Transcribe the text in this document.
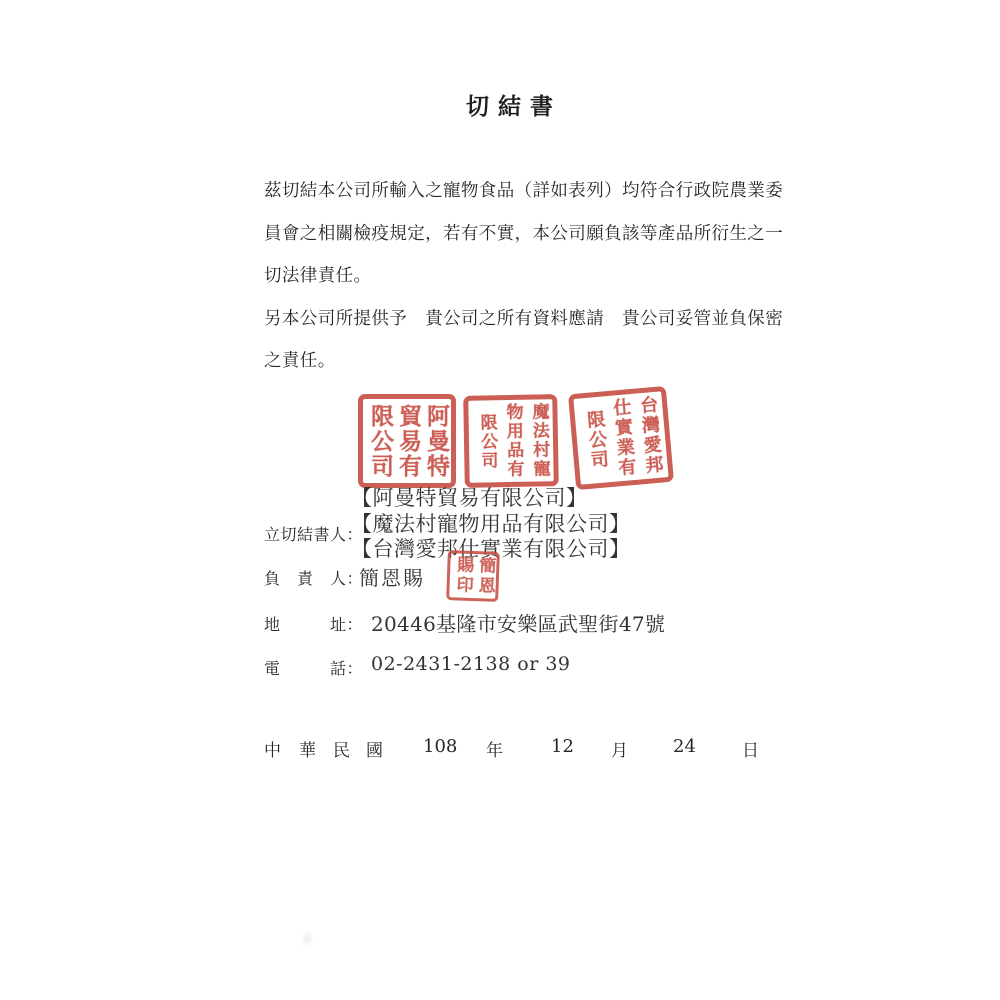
切結書

茲切結本公司所輸入之寵物食品（詳如表列）均符合行政院農業委

員會之相關檢疫規定，若有不實，本公司願負該等產品所衍生之一

切法律責任。

另本公司所提供予　貴公司之所有資料應請　貴公司妥管並負保密

之責任。

阿曼特貿易有限公司	魔法村寵物用品有限公司	台灣愛邦仕實業有限公司
立切結書人：
【阿曼特貿易有限公司】
【魔法村寵物用品有限公司】
【台灣愛邦仕實業有限公司】
負　責　人：
簡恩賜	簡恩賜印
地　　　址： 20446基隆市安樂區武聖街47號
電　　　話： 02-2431-2138 or 39
中 華 民 國 108 年	12 月	24	日
